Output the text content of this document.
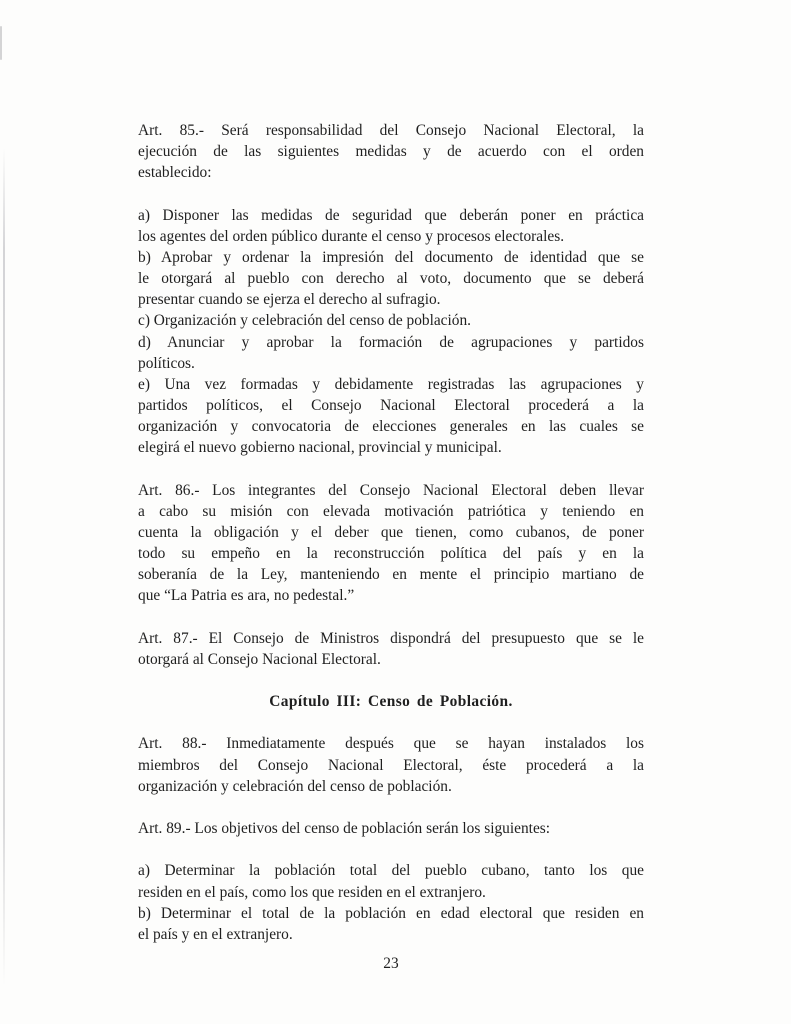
Art. 85.- Será responsabilidad del Consejo Nacional Electoral, la
ejecución de las siguientes medidas y de acuerdo con el orden
establecido:

a) Disponer las medidas de seguridad que deberán poner en práctica
los agentes del orden público durante el censo y procesos electorales.

b) Aprobar y ordenar la impresión del documento de identidad que se
le otorgará al pueblo con derecho al voto, documento que se deberá
presentar cuando se ejerza el derecho al sufragio.

c) Organización y celebración del censo de población.

d) Anunciar y aprobar la formación de agrupaciones y partidos
políticos.

e) Una vez formadas y debidamente registradas las agrupaciones y
partidos políticos, el Consejo Nacional Electoral procederá a la
organización y convocatoria de elecciones generales en las cuales se
elegirá el nuevo gobierno nacional, provincial y municipal.

Art. 86.- Los integrantes del Consejo Nacional Electoral deben llevar
a cabo su misión con elevada motivación patriótica y teniendo en
cuenta la obligación y el deber que tienen, como cubanos, de poner
todo su empeño en la reconstrucción política del país y en la
soberanía de la Ley, manteniendo en mente el principio martiano de
que “La Patria es ara, no pedestal.”

Art. 87.- El Consejo de Ministros dispondrá del presupuesto que se le
otorgará al Consejo Nacional Electoral.

Capítulo III: Censo de Población.

Art. 88.- Inmediatamente después que se hayan instalados los
miembros del Consejo Nacional Electoral, éste procederá a la
organización y celebración del censo de población.

Art. 89.- Los objetivos del censo de población serán los siguientes:

a) Determinar la población total del pueblo cubano, tanto los que
residen en el país, como los que residen en el extranjero.

b) Determinar el total de la población en edad electoral que residen en
el país y en el extranjero.

23
